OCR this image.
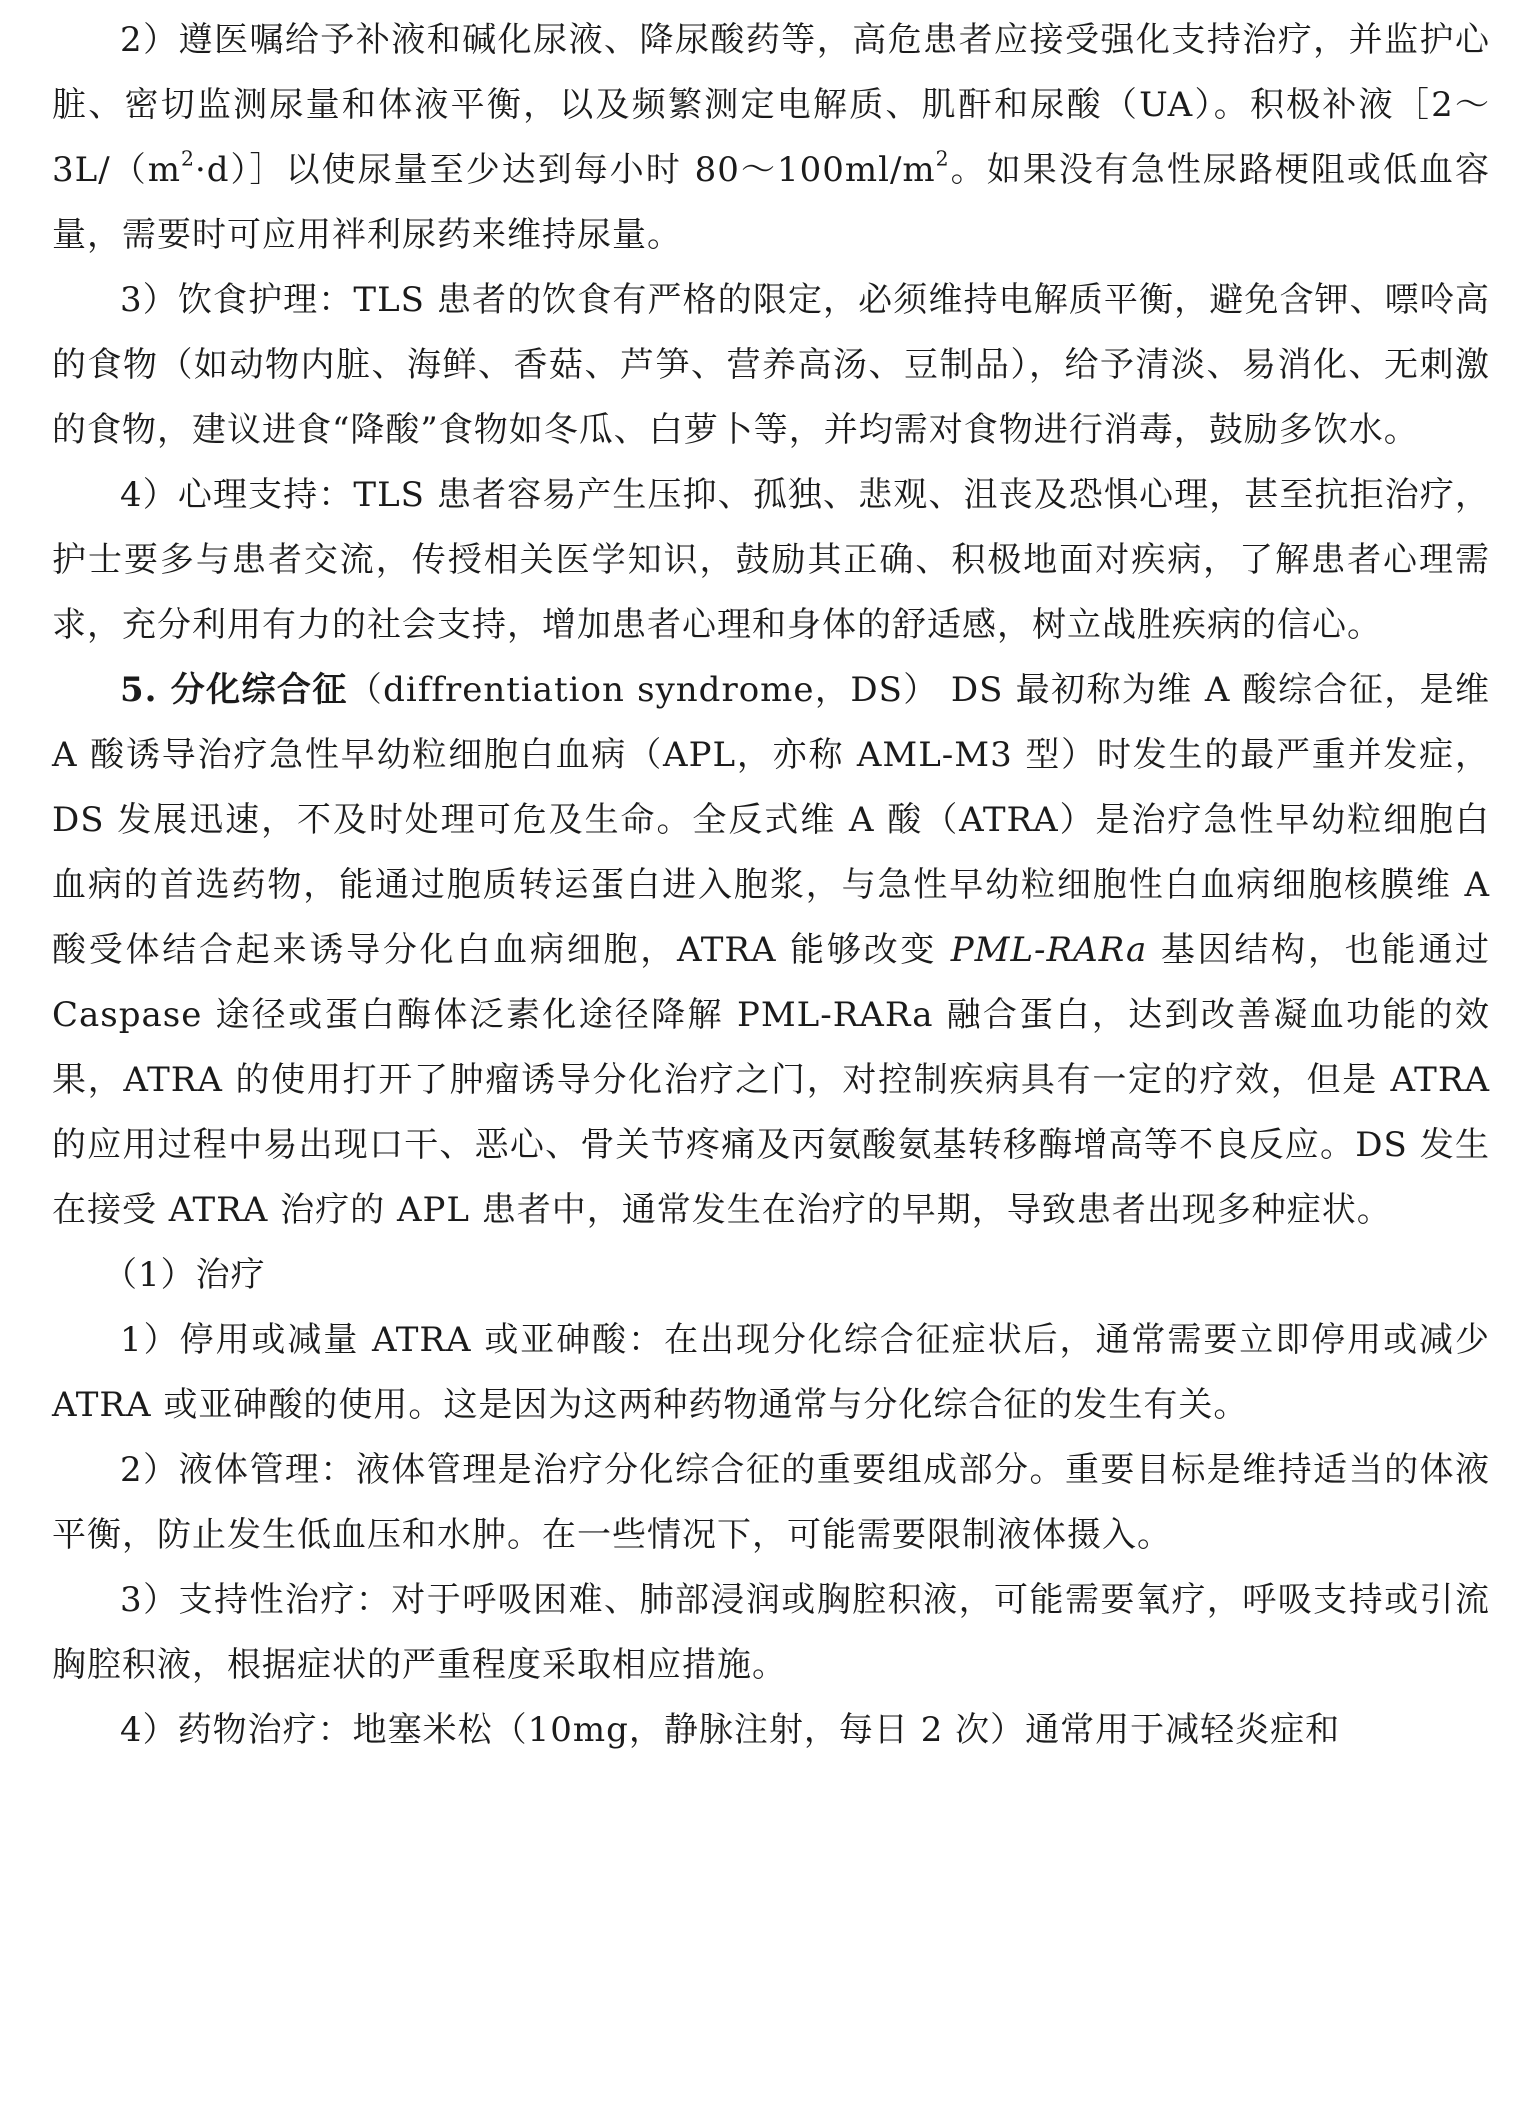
2）遵医嘱给予补液和碱化尿液、降尿酸药等，高危患者应接受强化支持治疗，并监护心脏、密切监测尿量和体液平衡，以及频繁测定电解质、肌酐和尿酸（UA）。积极补液$[2\sim 3L/(m^2\cdot d)]$以使尿量至少达到每小时 $80\sim 100ml/m^2$。如果没有急性尿路梗阻或低血容量，需要时可应用袢利尿药来维持尿量。

3）饮食护理：TLS 患者的饮食有严格的限定，必须维持电解质平衡，避免含钾、嘌呤高的食物（如动物内脏、海鲜、香菇、芦笋、营养高汤、豆制品），给予清淡、易消化、无刺激的食物，建议进食“降酸”食物如冬瓜、白萝卜等，并均需对食物进行消毒，鼓励多饮水。

4）心理支持：TLS 患者容易产生压抑、孤独、悲观、沮丧及恐惧心理，甚至抗拒治疗，护士要多与患者交流，传授相关医学知识，鼓励其正确、积极地面对疾病，了解患者心理需求，充分利用有力的社会支持，增加患者心理和身体的舒适感，树立战胜疾病的信心。

5. 分化综合征（diffrentiation syndrome，DS） DS 最初称为维 A 酸综合征，是维 A 酸诱导治疗急性早幼粒细胞白血病（APL，亦称 AML-M3 型）时发生的最严重并发症，DS 发展迅速，不及时处理可危及生命。全反式维 A 酸（ATRA）是治疗急性早幼粒细胞白血病的首选药物，能通过胞质转运蛋白进入胞浆，与急性早幼粒细胞性白血病细胞核膜维 A 酸受体结合起来诱导分化白血病细胞，ATRA 能够改变 PML-RARa 基因结构，也能通过 Caspase 途径或蛋白酶体泛素化途径降解 PML-RARa 融合蛋白，达到改善凝血功能的效果，ATRA 的使用打开了肿瘤诱导分化治疗之门，对控制疾病具有一定的疗效，但是 ATRA 的应用过程中易出现口干、恶心、骨关节疼痛及丙氨酸氨基转移酶增高等不良反应。DS 发生在接受 ATRA 治疗的 APL 患者中，通常发生在治疗的早期，导致患者出现多种症状。

（1）治疗

1）停用或减量 ATRA 或亚砷酸：在出现分化综合征症状后，通常需要立即停用或减少 ATRA 或亚砷酸的使用。这是因为这两种药物通常与分化综合征的发生有关。

2）液体管理：液体管理是治疗分化综合征的重要组成部分。重要目标是维持适当的体液平衡，防止发生低血压和水肿。在一些情况下，可能需要限制液体摄入。

3）支持性治疗：对于呼吸困难、肺部浸润或胸腔积液，可能需要氧疗，呼吸支持或引流胸腔积液，根据症状的严重程度采取相应措施。

4）药物治疗：地塞米松（10mg，静脉注射，每日 2 次）通常用于减轻炎症和
